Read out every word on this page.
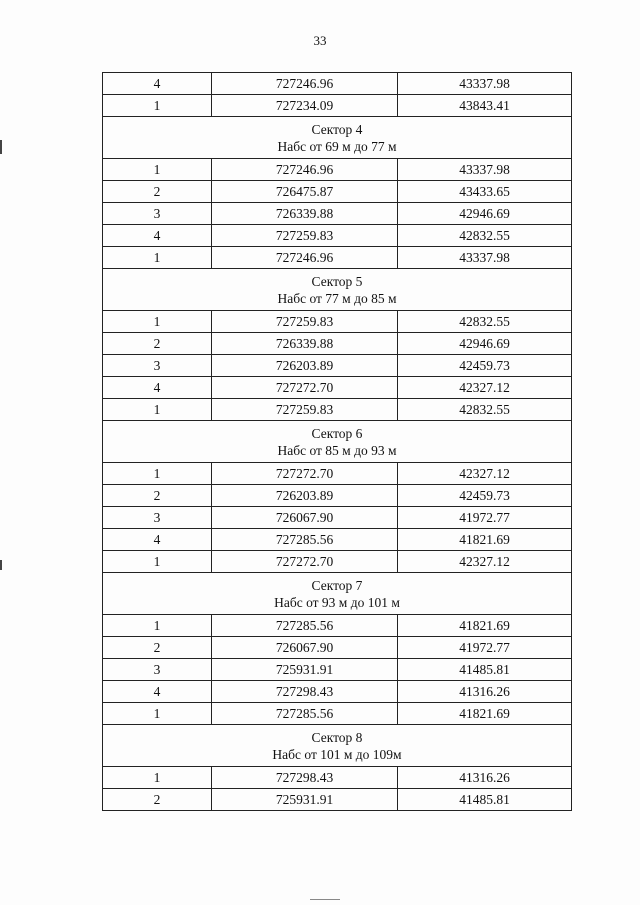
33
4	727246.96	43337.98
1	727234.09	43843.41

Сектор 4
Набс от 69 м до 77 м		

1	727246.96	43337.98
2	726475.87	43433.65
3	726339.88	42946.69
4	727259.83	42832.55
1	727246.96	43337.98

Сектор 5
Набс от 77 м до 85 м		

1	727259.83	42832.55
2	726339.88	42946.69
3	726203.89	42459.73
4	727272.70	42327.12
1	727259.83	42832.55

Сектор 6
Набс от 85 м до 93 м		

1	727272.70	42327.12
2	726203.89	42459.73
3	726067.90	41972.77
4	727285.56	41821.69
1	727272.70	42327.12

Сектор 7
Набс от 93 м до 101 м		

1	727285.56	41821.69
2	726067.90	41972.77
3	725931.91	41485.81
4	727298.43	41316.26
1	727285.56	41821.69

Сектор 8
Набс от 101 м до 109м		

1	727298.43	41316.26
2	725931.91	41485.81
